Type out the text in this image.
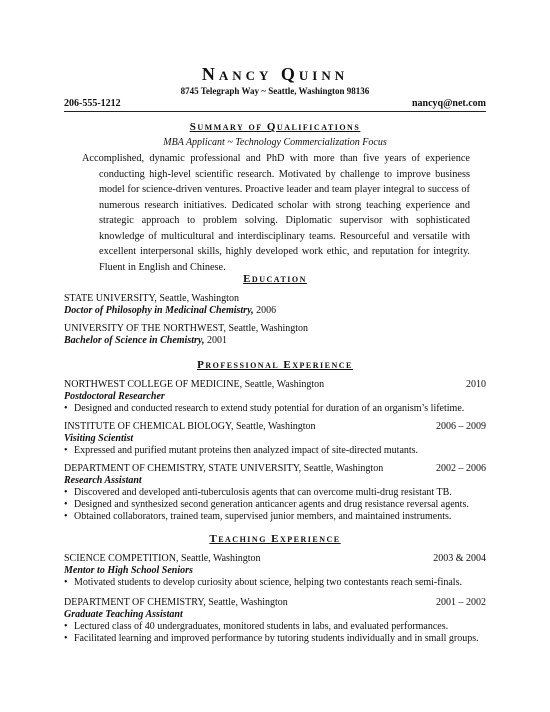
Nancy Quinn
8745 Telegraph Way ~ Seattle, Washington 98136
206-555-1212	nancyq@net.com
Summary of Qualifications
MBA Applicant ~ Technology Commercialization Focus
Accomplished, dynamic professional and PhD with more than five years of experience conducting high-level scientific research. Motivated by challenge to improve business model for science-driven ventures. Proactive leader and team player integral to success of numerous research initiatives. Dedicated scholar with strong teaching experience and strategic approach to problem solving. Diplomatic supervisor with sophisticated knowledge of multicultural and interdisciplinary teams. Resourceful and versatile with excellent interpersonal skills, highly developed work ethic, and reputation for integrity. Fluent in English and Chinese.
Education
STATE UNIVERSITY, Seattle, Washington
Doctor of Philosophy in Medicinal Chemistry, 2006
UNIVERSITY OF THE NORTHWEST, Seattle, Washington
Bachelor of Science in Chemistry, 2001
Professional Experience
NORTHWEST COLLEGE OF MEDICINE, Seattle, Washington	2010
Postdoctoral Researcher
• Designed and conducted research to extend study potential for duration of an organism’s lifetime.
INSTITUTE OF CHEMICAL BIOLOGY, Seattle, Washington	2006 – 2009
Visiting Scientist
• Expressed and purified mutant proteins then analyzed impact of site-directed mutants.
DEPARTMENT OF CHEMISTRY, STATE UNIVERSITY, Seattle, Washington	2002 – 2006
Research Assistant
• Discovered and developed anti-tuberculosis agents that can overcome multi-drug resistant TB.
• Designed and synthesized second generation anticancer agents and drug resistance reversal agents.
• Obtained collaborators, trained team, supervised junior members, and maintained instruments.
Teaching Experience
SCIENCE COMPETITION, Seattle, Washington	2003 & 2004
Mentor to High School Seniors
• Motivated students to develop curiosity about science, helping two contestants reach semi-finals.
DEPARTMENT OF CHEMISTRY, Seattle, Washington	2001 – 2002
Graduate Teaching Assistant
• Lectured class of 40 undergraduates, monitored students in labs, and evaluated performances.
• Facilitated learning and improved performance by tutoring students individually and in small groups.
